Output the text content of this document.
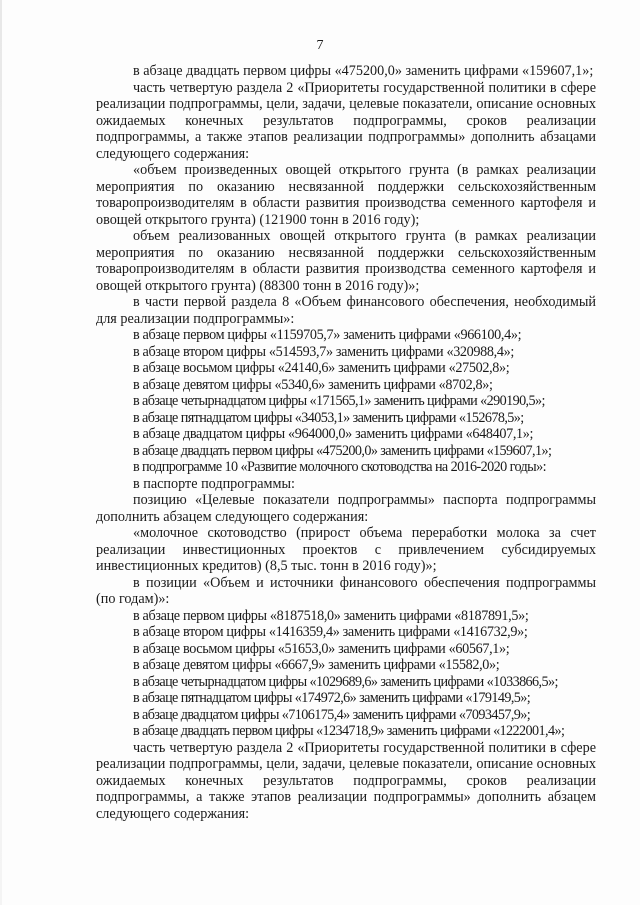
7

в абзаце двадцать первом цифры «475200,0» заменить цифрами «159607,1»;

часть четвертую раздела 2 «Приоритеты государственной политики в сфере реализации подпрограммы, цели, задачи, целевые показатели, описание основных ожидаемых конечных результатов подпрограммы, сроков реализации подпрограммы, а также этапов реализации подпрограммы» дополнить абзацами следующего содержания:

«объем произведенных овощей открытого грунта (в рамках реализации мероприятия по оказанию несвязанной поддержки сельскохозяйственным товаропроизводителям в области развития производства семенного картофеля и овощей открытого грунта) (121900 тонн в 2016 году);

объем реализованных овощей открытого грунта (в рамках реализации мероприятия по оказанию несвязанной поддержки сельскохозяйственным товаропроизводителям в области развития производства семенного картофеля и овощей открытого грунта) (88300 тонн в 2016 году)»;

в части первой раздела 8 «Объем финансового обеспечения, необходимый для реализации подпрограммы»:

в абзаце первом цифры «1159705,7» заменить цифрами «966100,4»;

в абзаце втором цифры «514593,7» заменить цифрами «320988,4»;

в абзаце восьмом цифры «24140,6» заменить цифрами «27502,8»;

в абзаце девятом цифры «5340,6» заменить цифрами «8702,8»;

в абзаце четырнадцатом цифры «171565,1» заменить цифрами «290190,5»;

в абзаце пятнадцатом цифры «34053,1» заменить цифрами «152678,5»;

в абзаце двадцатом цифры «964000,0» заменить цифрами «648407,1»;

в абзаце двадцать первом цифры «475200,0» заменить цифрами «159607,1»;

в подпрограмме 10 «Развитие молочного скотоводства на 2016-2020 годы»:

в паспорте подпрограммы:

позицию «Целевые показатели подпрограммы» паспорта подпрограммы дополнить абзацем следующего содержания:

«молочное скотоводство (прирост объема переработки молока за счет реализации инвестиционных проектов с привлечением субсидируемых инвестиционных кредитов) (8,5 тыс. тонн в 2016 году)»;

в позиции «Объем и источники финансового обеспечения подпрограммы (по годам)»:

в абзаце первом цифры «8187518,0» заменить цифрами «8187891,5»;

в абзаце втором цифры «1416359,4» заменить цифрами «1416732,9»;

в абзаце восьмом цифры «51653,0» заменить цифрами «60567,1»;

в абзаце девятом цифры «6667,9» заменить цифрами «15582,0»;

в абзаце четырнадцатом цифры «1029689,6» заменить цифрами «1033866,5»;

в абзаце пятнадцатом цифры «174972,6» заменить цифрами «179149,5»;

в абзаце двадцатом цифры «7106175,4» заменить цифрами «7093457,9»;

в абзаце двадцать первом цифры «1234718,9» заменить цифрами «1222001,4»;

часть четвертую раздела 2 «Приоритеты государственной политики в сфере реализации подпрограммы, цели, задачи, целевые показатели, описание основных ожидаемых конечных результатов подпрограммы, сроков реализации подпрограммы, а также этапов реализации подпрограммы» дополнить абзацем следующего содержания:
